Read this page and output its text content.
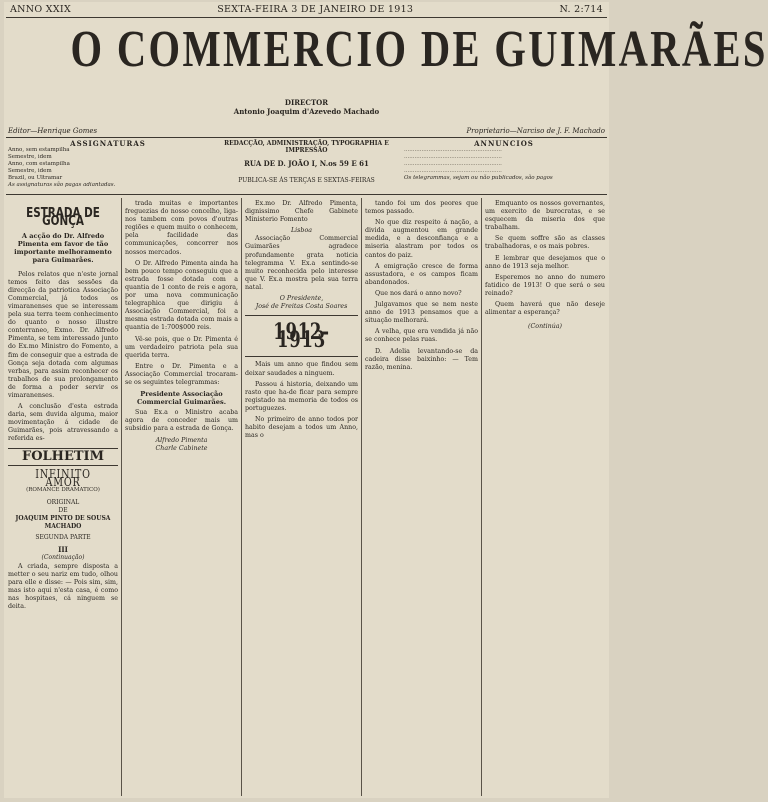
ANNO XXIX	SEXTA-FEIRA 3 DE JANEIRO DE 1913	N. 2:714
O COMMERCIO DE GUIMARÃES
DIRECTOR
Antonio Joaquim d'Azevedo Machado
Editor—Henrique Gomes	Proprietario—Narciso de J. F. Machado
ASSIGNATURAS
Anno, sem estampilha
Semestre, idem
Anno, com estampilha
Semestre, idem
Brazil, ou Ultramar
As assignaturas são pagas adiantadas.
REDACÇÃO, ADMINISTRAÇÃO, TYPOGRAPHIA E IMPRESSÃO
RUA DE D. JOÃO I, N.os 59 E 61
PUBLICA-SE ÁS TERÇAS E SEXTAS-FEIRAS
ANNUNCIOS
........................................................
........................................................
........................................................
........................................................
Os telegrammas, sejam ou não publicados, são pagos
ESTRADA DE GONÇA
A acção do Dr. Alfredo Pimenta em favor de tão importante melhoramento para Guimarães.

Pelos relatos que n'este jornal temos feito das sessões da direcção da patriotica Associação Commercial, já todos os vimaranenses que se interessam pela sua terra teem conhecimento do quanto o nosso illustre conterraneo, Exmo. Dr. Alfredo Pimenta, se tem interessado junto do Ex.mo Ministro do Fomento, a fim de conseguir que a estrada de Gonça seja dotada com algumas verbas, para assim reconhecer os trabalhos de sua prolongamento de forma a poder servir os vimaranenses.

A conclusão d'esta estrada daria, sem duvida alguma, maior movimentação á cidade de Guimarães, pois atravessando a referida es-

FOLHETIM
INFINITO AMOR
(ROMANCE DRAMATICO)
ORIGINAL
DE
JOAQUIM PINTO DE SOUSA MACHADO
SEGUNDA PARTE
III
(Continuação)

A criada, sempre disposta a metter o seu nariz em tudo, olhou para elle e disse: — Pois sim, sim, mas isto aqui n'esta casa, é como nas hospitaes, cá ninguem se deita.

trada muitas e importantes freguezias do nosso concelho, liga-nos tambem com povos d'outras regiões e quem muito o conhecem, pela facilidade das communicações, concorrer nos nossos mercados.

O Dr. Alfredo Pimenta ainda ha bem pouco tempo conseguiu que a estrada fosse dotada com a quantia de 1 conto de reis e agora, por uma nova communicação telegraphica que dirigiu á Associação Commercial, foi a mesma estrada dotada com mais a quantia de 1:700$000 reis.

Vê-se pois, que o Dr. Pimenta é um verdadeiro patriota pela sua querida terra.

Entre o Dr. Pimenta e a Associação Commercial trocaram-se os seguintes telegrammas:

Presidente Associação Commercial Guimarães.

Sua Ex.a o Ministro acaba agora de conceder mais um subsidio para a estrada de Gonça.

Alfredo Pimenta
Charle Cabinete

Ex.mo Dr. Alfredo Pimenta, dignissimo Chefe Gabinete Ministerio Fomento

Lisboa

Associação Commercial Guimarães agradece profundamente grata noticia telegramma V. Ex.a sentindo-se muito reconhecida pelo interesse que V. Ex.a mostra pela sua terra natal.

O Presidente,
José de Freitas Costa Soares
1912-1913

Mais um anno que findou sem deixar saudades a ninguem.

Passou á historia, deixando um rasto que ha-de ficar para sempre registado na memoria de todos os portuguezes.

No primeiro de anno todos por habito desejam a todos um Anno, mas o

tando foi um dos peores que temos passado.

No que diz respeito á nação, a divida augmentou em grande medida, e a desconfiança e a miseria alastram por todos os cantos do paiz.

A emigração cresce de forma assustadora, e os campos ficam abandonados.

Que nos dará o anno novo?

Julgavamos que se nem neste anno de 1913 pensamos que a situação melhorará.

A velha, que era vendida já não se conhece pelas ruas.

D. Adelia levantando-se da cadeira disse baixinho: — Tem razão, menina.

Emquanto os nossos governantes, um exercito de burocratas, e se esquecem da miseria dos que trabalham.

Se quem soffre são as classes trabalhadoras, e os mais pobres.

E lembrar que desejamos que o anno de 1913 seja melhor.

Esperemos no anno do numero fatidico de 1913! O que será o seu reinado?

Quem haverá que não deseje alimentar a esperança?

(Continúa)
